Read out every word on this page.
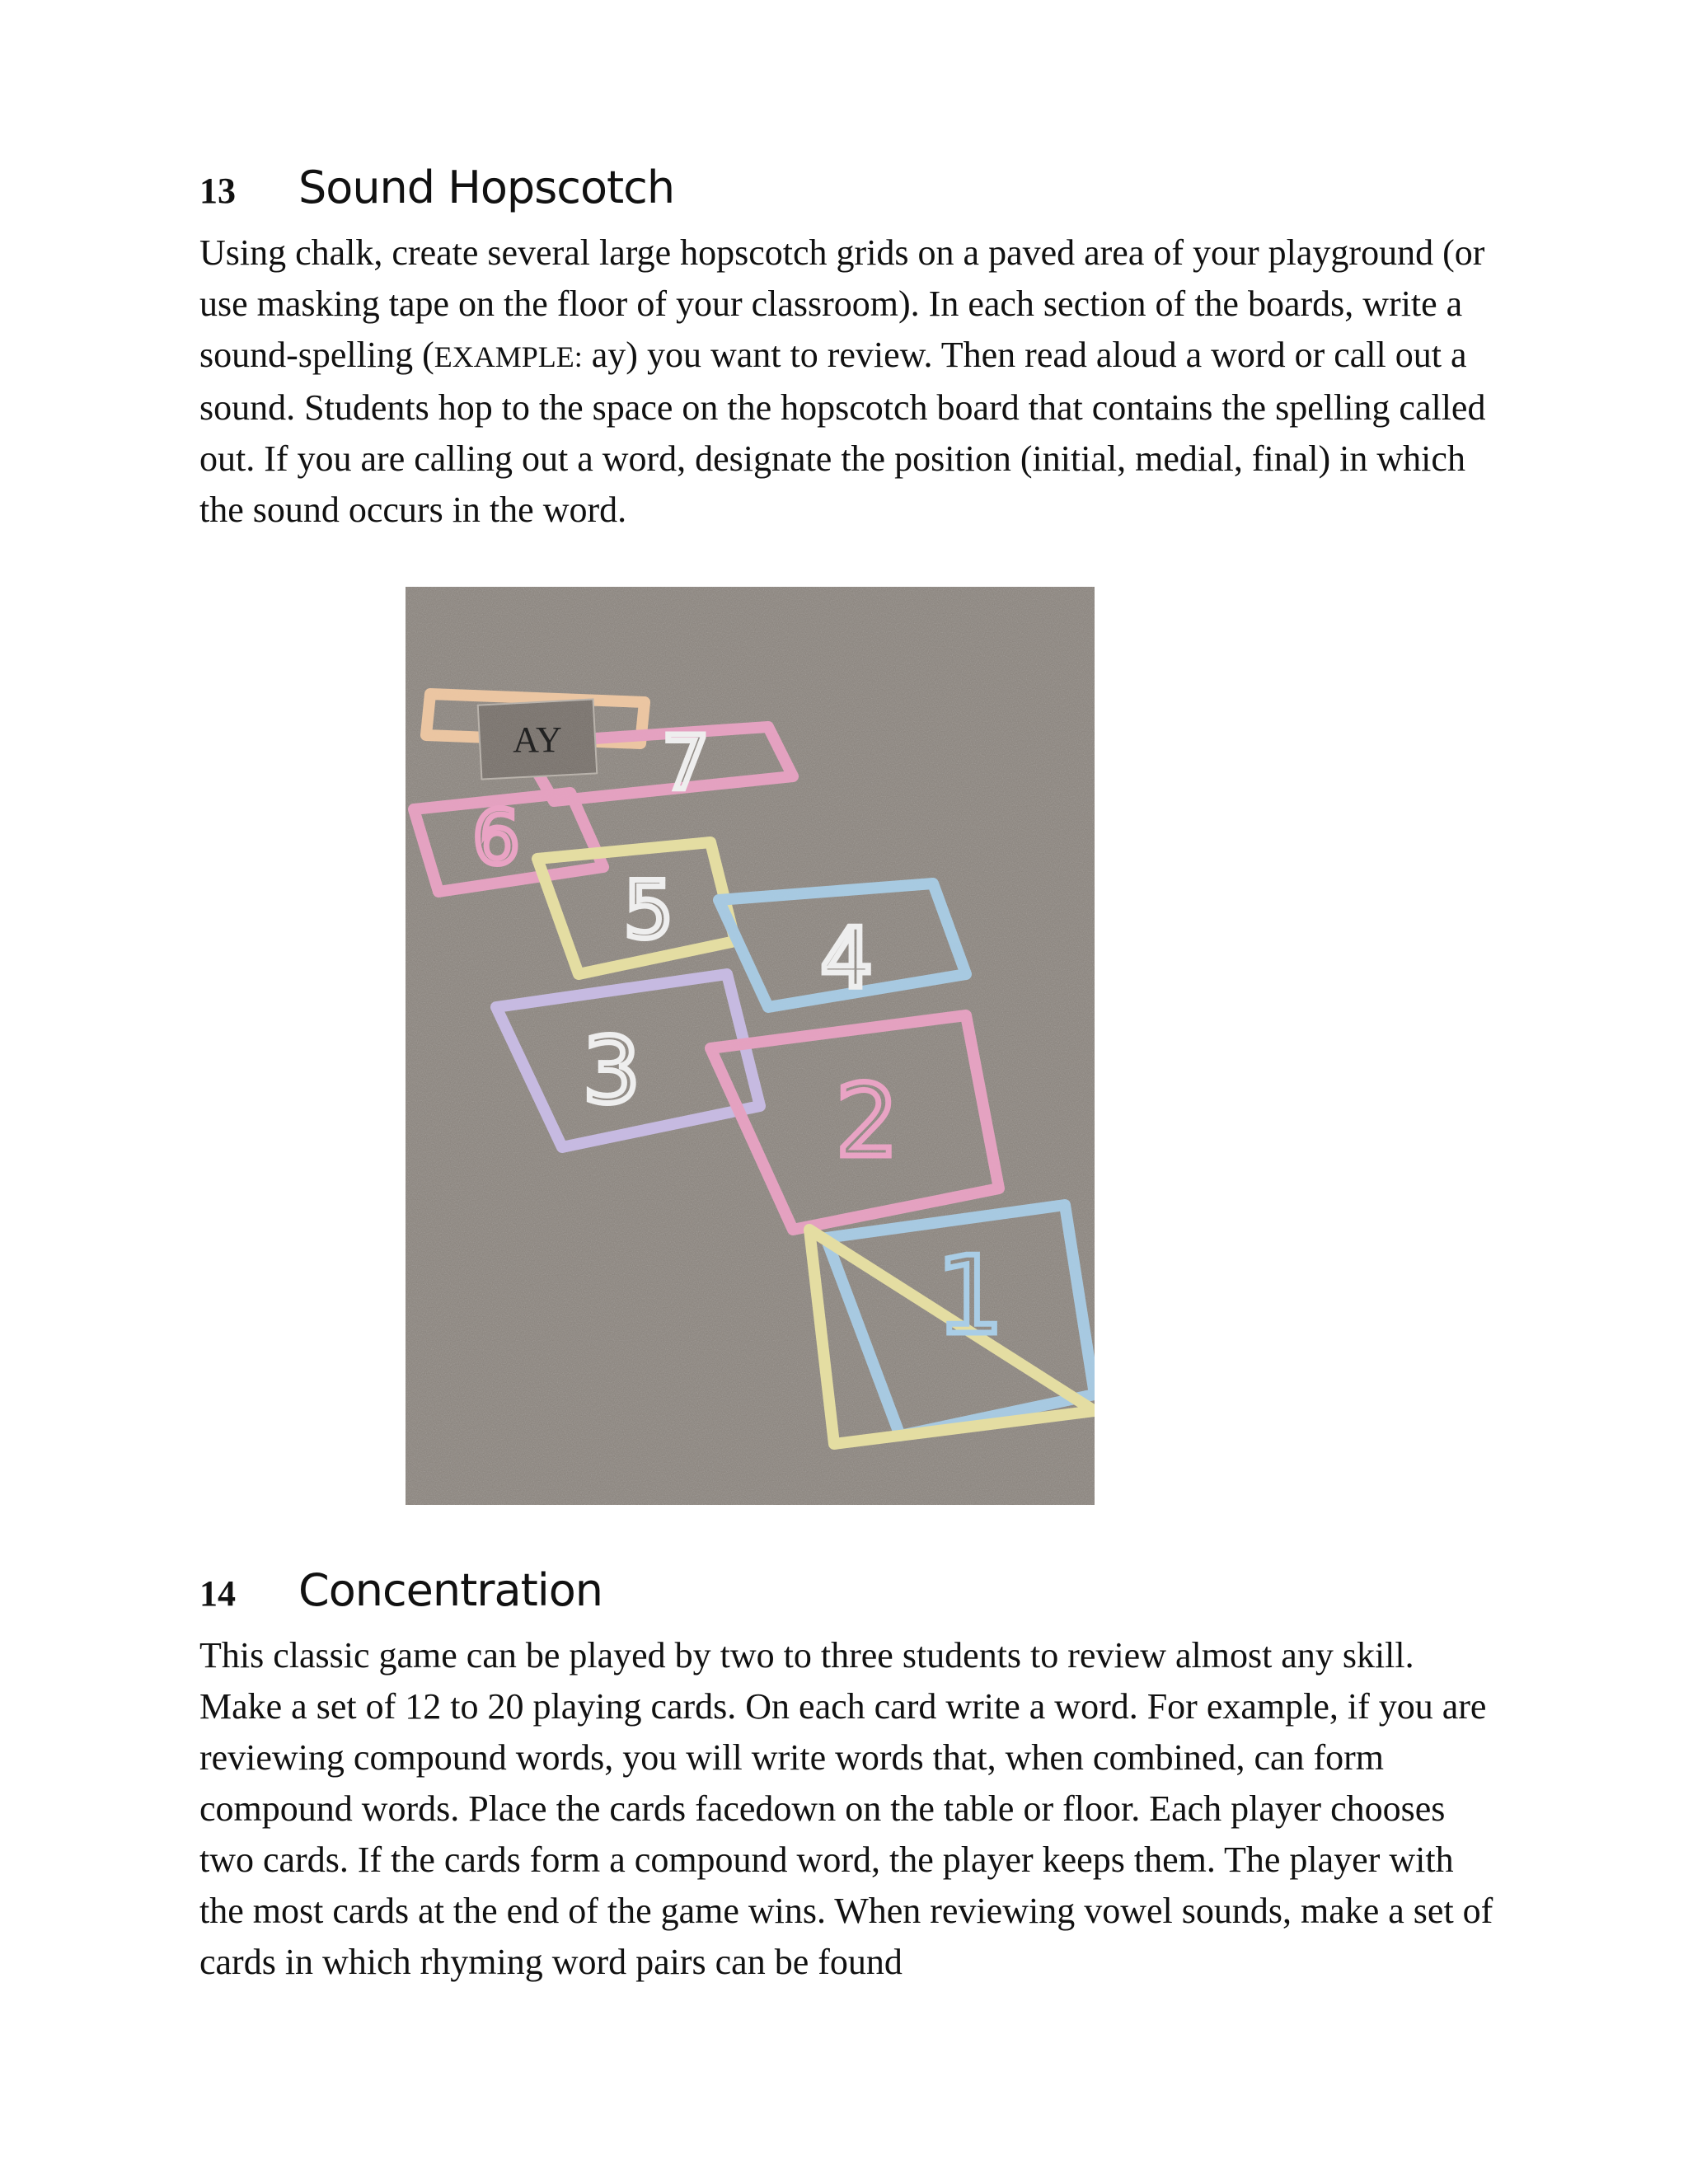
13	Sound Hopscotch

Using chalk, create several large hopscotch grids on a paved area of your playground (or use masking tape on the floor of your classroom). In each section of the boards, write a sound-spelling (EXAMPLE: ay) you want to review. Then read aloud a word or call out a sound. Students hop to the space on the hopscotch board that contains the spelling called out. If you are calling out a word, designate the position (initial, medial, final) in which the sound occurs in the word.

1
2
3
4
5
6
7
AY
14	Concentration

This classic game can be played by two to three students to review almost any skill. Make a set of 12 to 20 playing cards. On each card write a word. For example, if you are reviewing compound words, you will write words that, when combined, can form compound words. Place the cards facedown on the table or floor. Each player chooses two cards. If the cards form a compound word, the player keeps them. The player with the most cards at the end of the game wins. When reviewing vowel sounds, make a set of cards in which rhyming word pairs can be found
